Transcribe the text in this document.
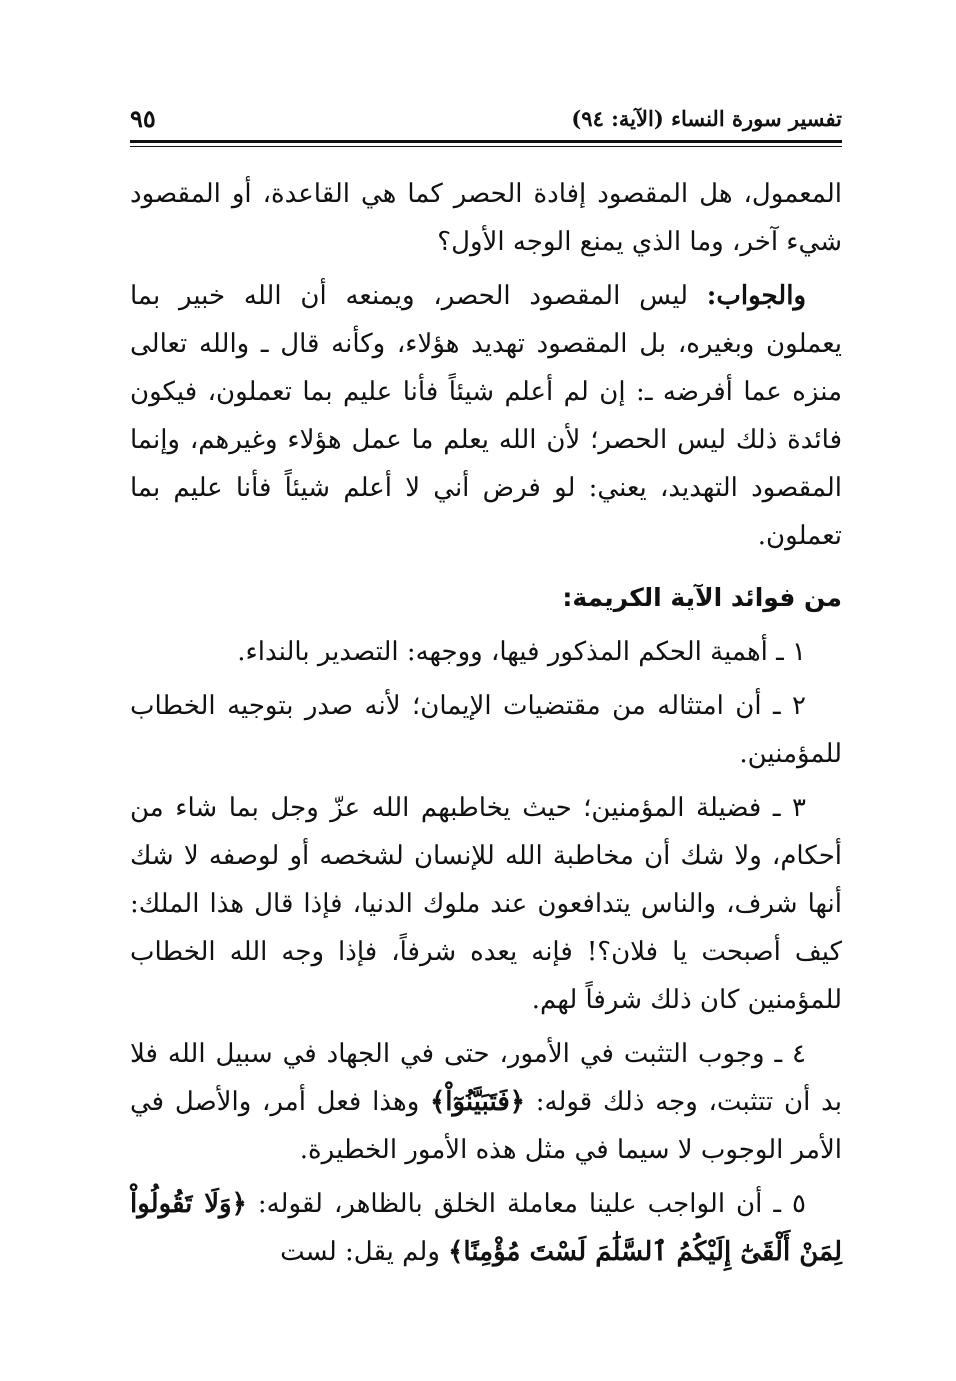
تفسير سورة النساء (الآية: ٩٤)
٩٥

المعمول، هل المقصود إفادة الحصر كما هي القاعدة، أو المقصود شيء آخر، وما الذي يمنع الوجه الأول؟

والجواب: ليس المقصود الحصر، ويمنعه أن الله خبير بما يعملون وبغيره، بل المقصود تهديد هؤلاء، وكأنه قال ـ والله تعالى منزه عما أفرضه ـ: إن لم أعلم شيئاً فأنا عليم بما تعملون، فيكون فائدة ذلك ليس الحصر؛ لأن الله يعلم ما عمل هؤلاء وغيرهم، وإنما المقصود التهديد، يعني: لو فرض أني لا أعلم شيئاً فأنا عليم بما تعملون.

من فوائد الآية الكريمة:

١ ـ أهمية الحكم المذكور فيها، ووجهه: التصدير بالنداء.

٢ ـ أن امتثاله من مقتضيات الإيمان؛ لأنه صدر بتوجيه الخطاب للمؤمنين.

٣ ـ فضيلة المؤمنين؛ حيث يخاطبهم الله عزّ وجل بما شاء من أحكام، ولا شك أن مخاطبة الله للإنسان لشخصه أو لوصفه لا شك أنها شرف، والناس يتدافعون عند ملوك الدنيا، فإذا قال هذا الملك: كيف أصبحت يا فلان؟! فإنه يعده شرفاً، فإذا وجه الله الخطاب للمؤمنين كان ذلك شرفاً لهم.

٤ ـ وجوب التثبت في الأمور، حتى في الجهاد في سبيل الله فلا بد أن تتثبت، وجه ذلك قوله: ﴿فَتَبَيَّنُوٓاْ﴾ وهذا فعل أمر، والأصل في الأمر الوجوب لا سيما في مثل هذه الأمور الخطيرة.

٥ ـ أن الواجب علينا معاملة الخلق بالظاهر، لقوله: ﴿وَلَا تَقُولُواْ لِمَنْ أَلْقَىٰٓ إِلَيْكُمُ ٱلسَّلَٰمَ لَسْتَ مُؤْمِنًا﴾ ولم يقل: لست
